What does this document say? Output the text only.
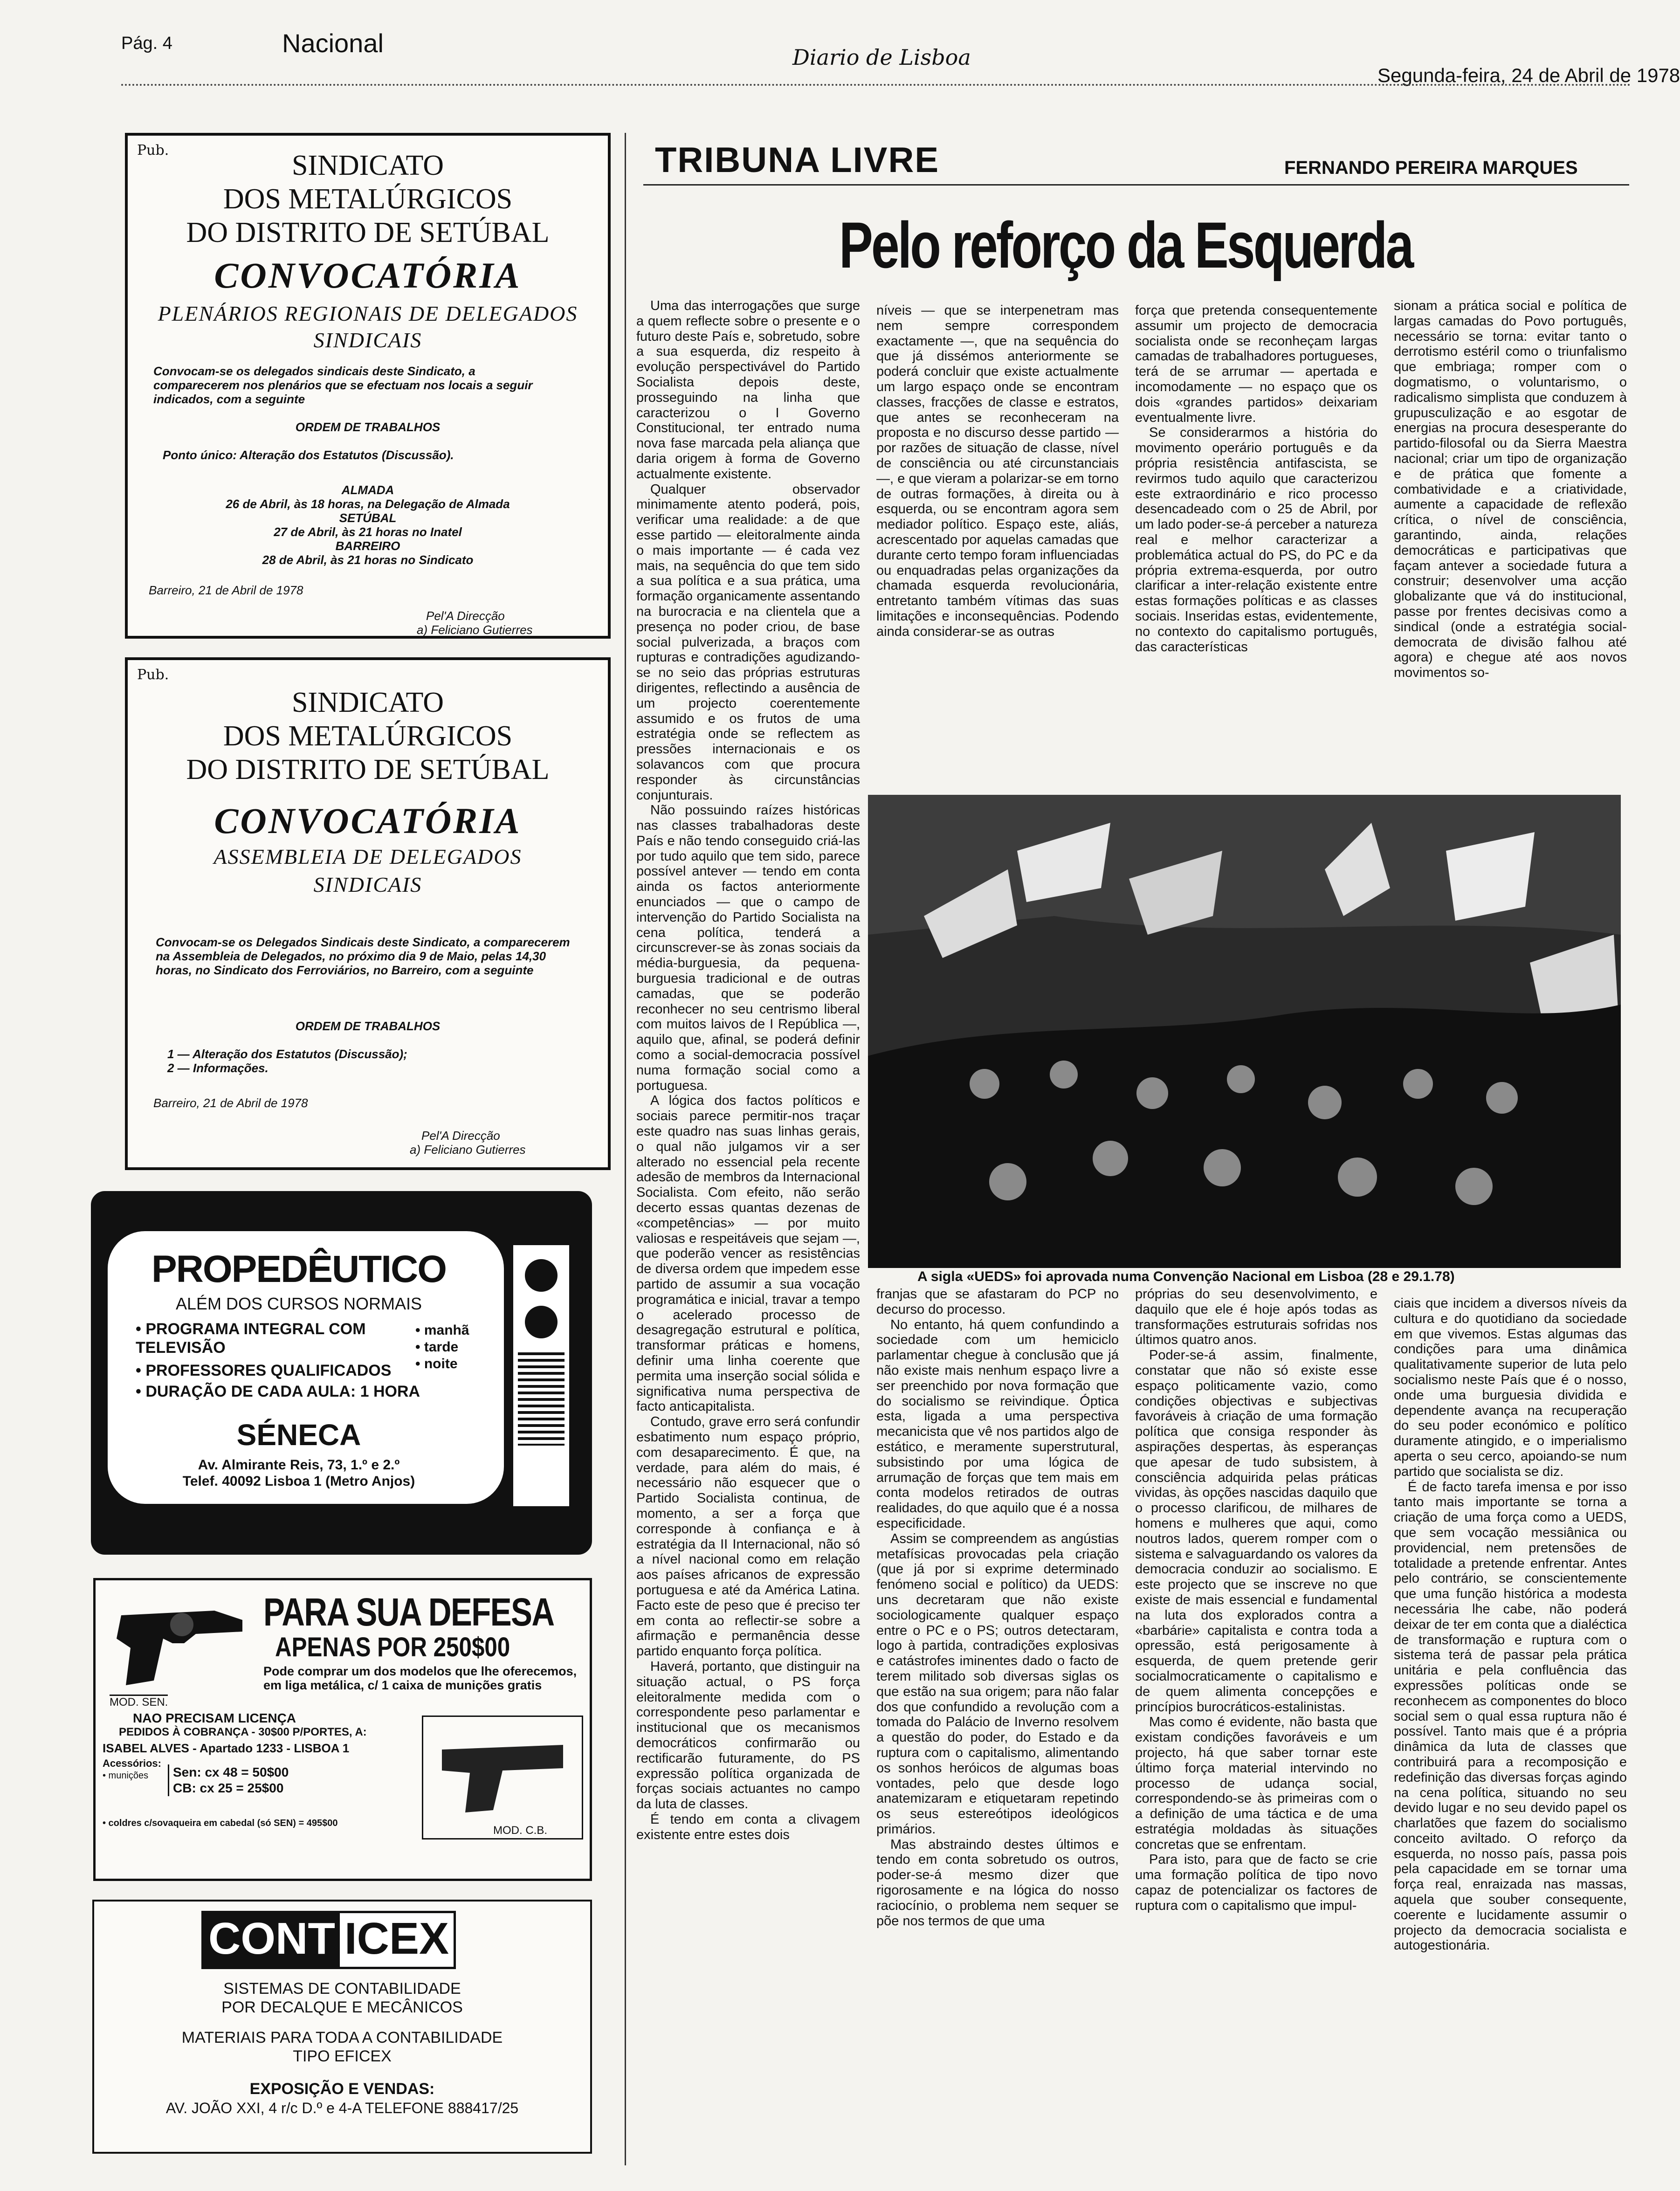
Pág. 4	Nacional	Diario de Lisboa
Segunda-feira, 24 de Abril de 1978
Pub.	SINDICATO
DOS METALÚRGICOS
DO DISTRITO DE SETÚBAL
CONVOCATÓRIA
PLENÁRIOS REGIONAIS DE DELEGADOS
SINDICAIS
Convocam-se os delegados sindicais deste Sindicato, a comparecerem nos plenários que se efectuam nos locais a seguir indicados, com a seguinte
ORDEM DE TRABALHOS
Ponto único: Alteração dos Estatutos (Discussão).
ALMADA
26 de Abril, às 18 horas, na Delegação de Almada
SETÚBAL
27 de Abril, às 21 horas no Inatel
BARREIRO
28 de Abril, às 21 horas no Sindicato
Barreiro, 21 de Abril de 1978
Pel'A Direcção
a) Feliciano Gutierres
Pub.
SINDICATO
DOS METALÚRGICOS
DO DISTRITO DE SETÚBAL
CONVOCATÓRIA
ASSEMBLEIA DE DELEGADOS
SINDICAIS
Convocam-se os Delegados Sindicais deste Sindicato, a comparecerem na Assembleia de Delegados, no próximo dia 9 de Maio, pelas 14,30 horas, no Sindicato dos Ferroviários, no Barreiro, com a seguinte
ORDEM DE TRABALHOS
1 — Alteração dos Estatutos (Discussão);
2 — Informações.
Barreiro, 21 de Abril de 1978
Pel'A Direcção
a) Feliciano Gutierres
PROPEDÊUTICO
ALÉM DOS CURSOS NORMAIS
• PROGRAMA INTEGRAL COM TELEVISÃO
• PROFESSORES QUALIFICADOS
• DURAÇÃO DE CADA AULA: 1 HORA
• manhã
• tarde
• noite
SÉNECA
Av. Almirante Reis, 73, 1.º e 2.º
Telef. 40092 Lisboa 1 (Metro Anjos)
MOD. SEN.
PARA SUA DEFESA
APENAS POR 250$00
Pode comprar um dos modelos que lhe oferecemos, em liga metálica, c/ 1 caixa de munições gratis
NAO PRECISAM LICENÇA
PEDIDOS À COBRANÇA - 30$00 P/PORTES, A:
ISABEL ALVES - Apartado 1233 - LISBOA 1
Acessórios:
• munições Sen: cx 48 = 50$00
CB: cx 25 = 25$00
• coldres c/sovaqueira em cabedal (só SEN) = 495$00
MOD. C.B.
CONT ICEX
SISTEMAS DE CONTABILIDADE
POR DECALQUE E MECÂNICOS
MATERIAIS PARA TODA A CONTABILIDADE
TIPO EFICEX
EXPOSIÇÃO E VENDAS:
AV. JOÃO XXI, 4 r/c D.º e 4-A TELEFONE 888417/25
TRIBUNA LIVRE	FERNANDO PEREIRA MARQUES
Pelo reforço da Esquerda

Uma das interrogações que surge a quem reflecte sobre o presente e o futuro deste País e, sobretudo, sobre a sua esquerda, diz respeito à evolução perspectivável do Partido Socialista depois deste, prosseguindo na linha que caracterizou o I Governo Constitucional, ter entrado numa nova fase marcada pela aliança que daria origem à forma de Governo actualmente existente.

Qualquer observador minimamente atento poderá, pois, verificar uma realidade: a de que esse partido — eleitoralmente ainda o mais importante — é cada vez mais, na sequência do que tem sido a sua política e a sua prática, uma formação organicamente assentando na burocracia e na clientela que a presença no poder criou, de base social pulverizada, a braços com rupturas e contradições agudizando-se no seio das próprias estruturas dirigentes, reflectindo a ausência de um projecto coerentemente assumido e os frutos de uma estratégia onde se reflectem as pressões internacionais e os solavancos com que procura responder às circunstâncias conjunturais.

Não possuindo raízes históricas nas classes trabalhadoras deste País e não tendo conseguido criá-las por tudo aquilo que tem sido, parece possível antever — tendo em conta ainda os factos anteriormente enunciados — que o campo de intervenção do Partido Socialista na cena política, tenderá a circunscrever-se às zonas sociais da média-burguesia, da pequena-burguesia tradicional e de outras camadas, que se poderão reconhecer no seu centrismo liberal com muitos laivos de I República —, aquilo que, afinal, se poderá definir como a social-democracia possível numa formação social como a portuguesa.

A lógica dos factos políticos e sociais parece permitir-nos traçar este quadro nas suas linhas gerais, o qual não julgamos vir a ser alterado no essencial pela recente adesão de membros da Internacional Socialista. Com efeito, não serão decerto essas quantas dezenas de «competências» — por muito valiosas e respeitáveis que sejam —, que poderão vencer as resistências de diversa ordem que impedem esse partido de assumir a sua vocação programática e inicial, travar a tempo o acelerado processo de desagregação estrutural e política, transformar práticas e homens, definir uma linha coerente que permita uma inserção social sólida e significativa numa perspectiva de facto anticapitalista.

Contudo, grave erro será confundir esbatimento num espaço próprio, com desaparecimento. É que, na verdade, para além do mais, é necessário não esquecer que o Partido Socialista continua, de momento, a ser a força que corresponde à confiança e à estratégia da II Internacional, não só a nível nacional como em relação aos países africanos de expressão portuguesa e até da América Latina. Facto este de peso que é preciso ter em conta ao reflectir-se sobre a afirmação e permanência desse partido enquanto força política.

Haverá, portanto, que distinguir na situação actual, o PS força eleitoralmente medida com o correspondente peso parlamentar e institucional que os mecanismos democráticos confirmarão ou rectificarão futuramente, do PS expressão política organizada de forças sociais actuantes no campo da luta de classes.

É tendo em conta a clivagem existente entre estes dois

níveis — que se interpenetram mas nem sempre correspondem exactamente —, que na sequência do que já dissémos anteriormente se poderá concluir que existe actualmente um largo espaço onde se encontram classes, fracções de classe e estratos, que antes se reconheceram na proposta e no discurso desse partido — por razões de situação de classe, nível de consciência ou até circunstanciais —, e que vieram a polarizar-se em torno de outras formações, à direita ou à esquerda, ou se encontram agora sem mediador político. Espaço este, aliás, acrescentado por aquelas camadas que durante certo tempo foram influenciadas ou enquadradas pelas organizações da chamada esquerda revolucionária, entretanto também vítimas das suas limitações e inconsequências. Podendo ainda considerar-se as outras

força que pretenda consequentemente assumir um projecto de democracia socialista onde se reconheçam largas camadas de trabalhadores portugueses, terá de se arrumar — apertada e incomodamente — no espaço que os dois «grandes partidos» deixariam eventualmente livre.

Se considerarmos a história do movimento operário português e da própria resistência antifascista, se revirmos tudo aquilo que caracterizou este extraordinário e rico processo desencadeado com o 25 de Abril, por um lado poder-se-á perceber a natureza real e melhor caracterizar a problemática actual do PS, do PC e da própria extrema-esquerda, por outro clarificar a inter-relação existente entre estas formações políticas e as classes sociais. Inseridas estas, evidentemente, no contexto do capitalismo português, das características

sionam a prática social e política de largas camadas do Povo português, necessário se torna: evitar tanto o derrotismo estéril como o triunfalismo que embriaga; romper com o dogmatismo, o voluntarismo, o radicalismo simplista que conduzem à grupusculização e ao esgotar de energias na procura desesperante do partido-filosofal ou da Sierra Maestra nacional; criar um tipo de organização e de prática que fomente a combatividade e a criatividade, aumente a capacidade de reflexão crítica, o nível de consciência, garantindo, ainda, relações democráticas e participativas que façam antever a sociedade futura a construir; desenvolver uma acção globalizante que vá do institucional, passe por frentes decisivas como a sindical (onde a estratégia social-democrata de divisão falhou até agora) e chegue até aos novos movimentos so-

A sigla «UEDS» foi aprovada numa Convenção Nacional em Lisboa (28 e 29.1.78)

franjas que se afastaram do PCP no decurso do processo.

No entanto, há quem confundindo a sociedade com um hemiciclo parlamentar chegue à conclusão que já não existe mais nenhum espaço livre a ser preenchido por nova formação que do socialismo se reivindique. Óptica esta, ligada a uma perspectiva mecanicista que vê nos partidos algo de estático, e meramente superstrutural, subsistindo por uma lógica de arrumação de forças que tem mais em conta modelos retirados de outras realidades, do que aquilo que é a nossa especificidade.

Assim se compreendem as angústias metafísicas provocadas pela criação (que já por si exprime determinado fenómeno social e político) da UEDS: uns decretaram que não existe sociologicamente qualquer espaço entre o PC e o PS; outros detectaram, logo à partida, contradições explosivas e catástrofes iminentes dado o facto de terem militado sob diversas siglas os que estão na sua origem; para não falar dos que confundido a revolução com a tomada do Palácio de Inverno resolvem a questão do poder, do Estado e da ruptura com o capitalismo, alimentando os sonhos heróicos de algumas boas vontades, pelo que desde logo anatemizaram e etiquetaram repetindo os seus estereótipos ideológicos primários.

Mas abstraindo destes últimos e tendo em conta sobretudo os outros, poder-se-á mesmo dizer que rigorosamente e na lógica do nosso raciocínio, o problema nem sequer se põe nos termos de que uma

próprias do seu desenvolvimento, e daquilo que ele é hoje após todas as transformações estruturais sofridas nos últimos quatro anos.

Poder-se-á assim, finalmente, constatar que não só existe esse espaço politicamente vazio, como condições objectivas e subjectivas favoráveis à criação de uma formação política que consiga responder às aspirações despertas, às esperanças que apesar de tudo subsistem, à consciência adquirida pelas práticas vividas, às opções nascidas daquilo que o processo clarificou, de milhares de homens e mulheres que aqui, como noutros lados, querem romper com o sistema e salvaguardando os valores da democracia conduzir ao socialismo. E este projecto que se inscreve no que existe de mais essencial e fundamental na luta dos explorados contra a «barbárie» capitalista e contra toda a opressão, está perigosamente à esquerda, de quem pretende gerir socialmocraticamente o capitalismo e de quem alimenta concepções e princípios burocráticos-estalinistas.

Mas como é evidente, não basta que existam condições favoráveis e um projecto, há que saber tornar este último força material intervindo no processo de udança social, correspondendo-se às primeiras com o a definição de uma táctica e de uma estratégia moldadas às situações concretas que se enfrentam.

Para isto, para que de facto se crie uma formação política de tipo novo capaz de potencializar os factores de ruptura com o capitalismo que impul-

ciais que incidem a diversos níveis da cultura e do quotidiano da sociedade em que vivemos. Estas algumas das condições para uma dinâmica qualitativamente superior de luta pelo socialismo neste País que é o nosso, onde uma burguesia dividida e dependente avança na recuperação do seu poder económico e político duramente atingido, e o imperialismo aperta o seu cerco, apoiando-se num partido que socialista se diz.

É de facto tarefa imensa e por isso tanto mais importante se torna a criação de uma força como a UEDS, que sem vocação messiânica ou providencial, nem pretensões de totalidade a pretende enfrentar. Antes pelo contrário, se conscientemente que uma função histórica a modesta necessária lhe cabe, não poderá deixar de ter em conta que a dialéctica de transformação e ruptura com o sistema terá de passar pela prática unitária e pela confluência das expressões políticas onde se reconhecem as componentes do bloco social sem o qual essa ruptura não é possível. Tanto mais que é a própria dinâmica da luta de classes que contribuirá para a recomposição e redefinição das diversas forças agindo na cena política, situando no seu devido lugar e no seu devido papel os charlatões que fazem do socialismo conceito aviltado. O reforço da esquerda, no nosso país, passa pois pela capacidade em se tornar uma força real, enraizada nas massas, aquela que souber consequente, coerente e lucidamente assumir o projecto da democracia socialista e autogestionária.
